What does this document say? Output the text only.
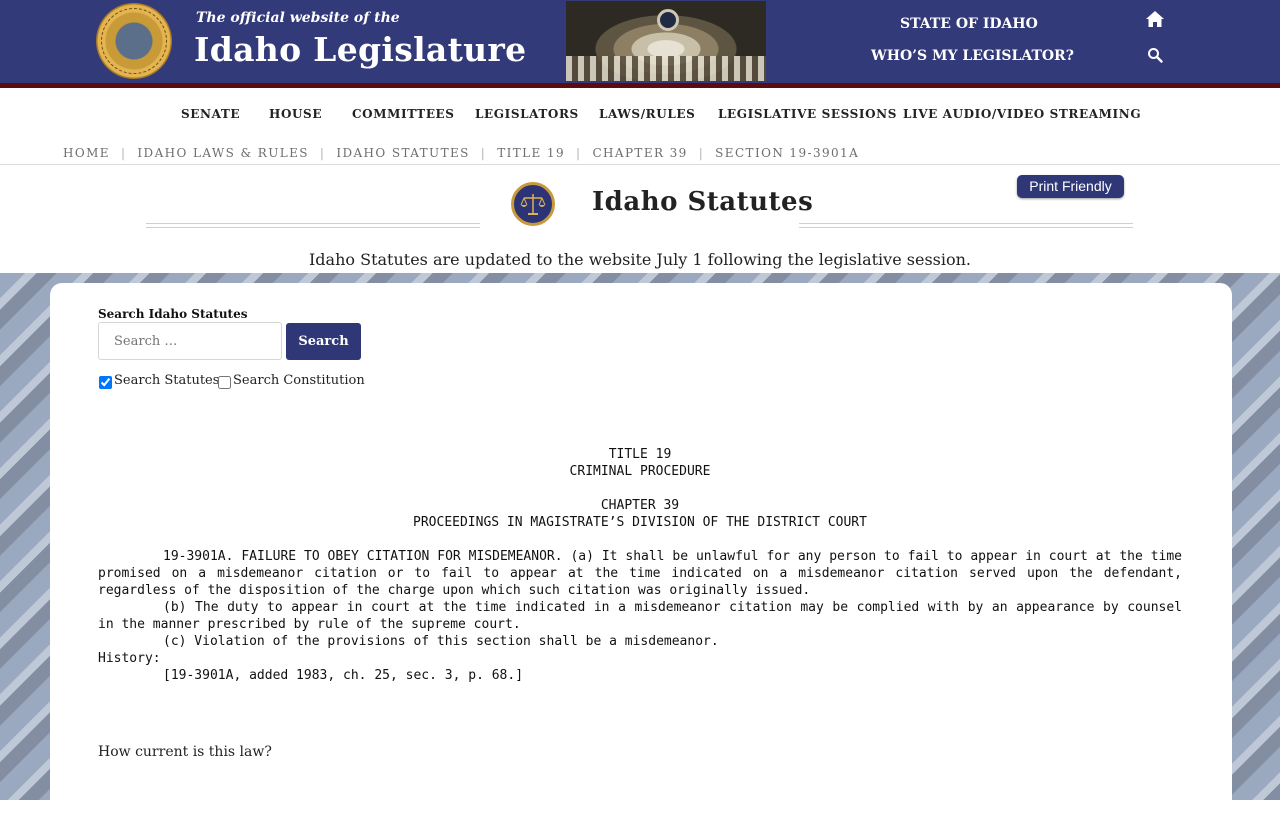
The official website of the
Idaho Legislature
STATE OF IDAHO
WHO’S MY LEGISLATOR?
SENATE HOUSE COMMITTEES LEGISLATORS LAWS/RULES LEGISLATIVE SESSIONS LIVE AUDIO/VIDEO STREAMING
HOME | IDAHO LAWS & RULES | IDAHO STATUTES | TITLE 19 | CHAPTER 39 | SECTION 19-3901A
Idaho Statutes
Print Friendly
Idaho Statutes are updated to the website July 1 following the legislative session.
Search Idaho Statutes
Search …
Search
Search Statutes Search Constitution
TITLE 19
CRIMINAL PROCEDURE
CHAPTER 39
PROCEEDINGS IN MAGISTRATE’S DIVISION OF THE DISTRICT COURT
19-3901A. FAILURE TO OBEY CITATION FOR MISDEMEANOR. (a) It shall be unlawful for any person to fail to appear in court at the time promised on a misdemeanor citation or to fail to appear at the time indicated on a misdemeanor citation served upon the defendant, regardless of the disposition of the charge upon which such citation was originally issued.
(b) The duty to appear in court at the time indicated in a misdemeanor citation may be complied with by an appearance by counsel in the manner prescribed by rule of the supreme court.
(c) Violation of the provisions of this section shall be a misdemeanor.
History:
[19-3901A, added 1983, ch. 25, sec. 3, p. 68.]
How current is this law?
